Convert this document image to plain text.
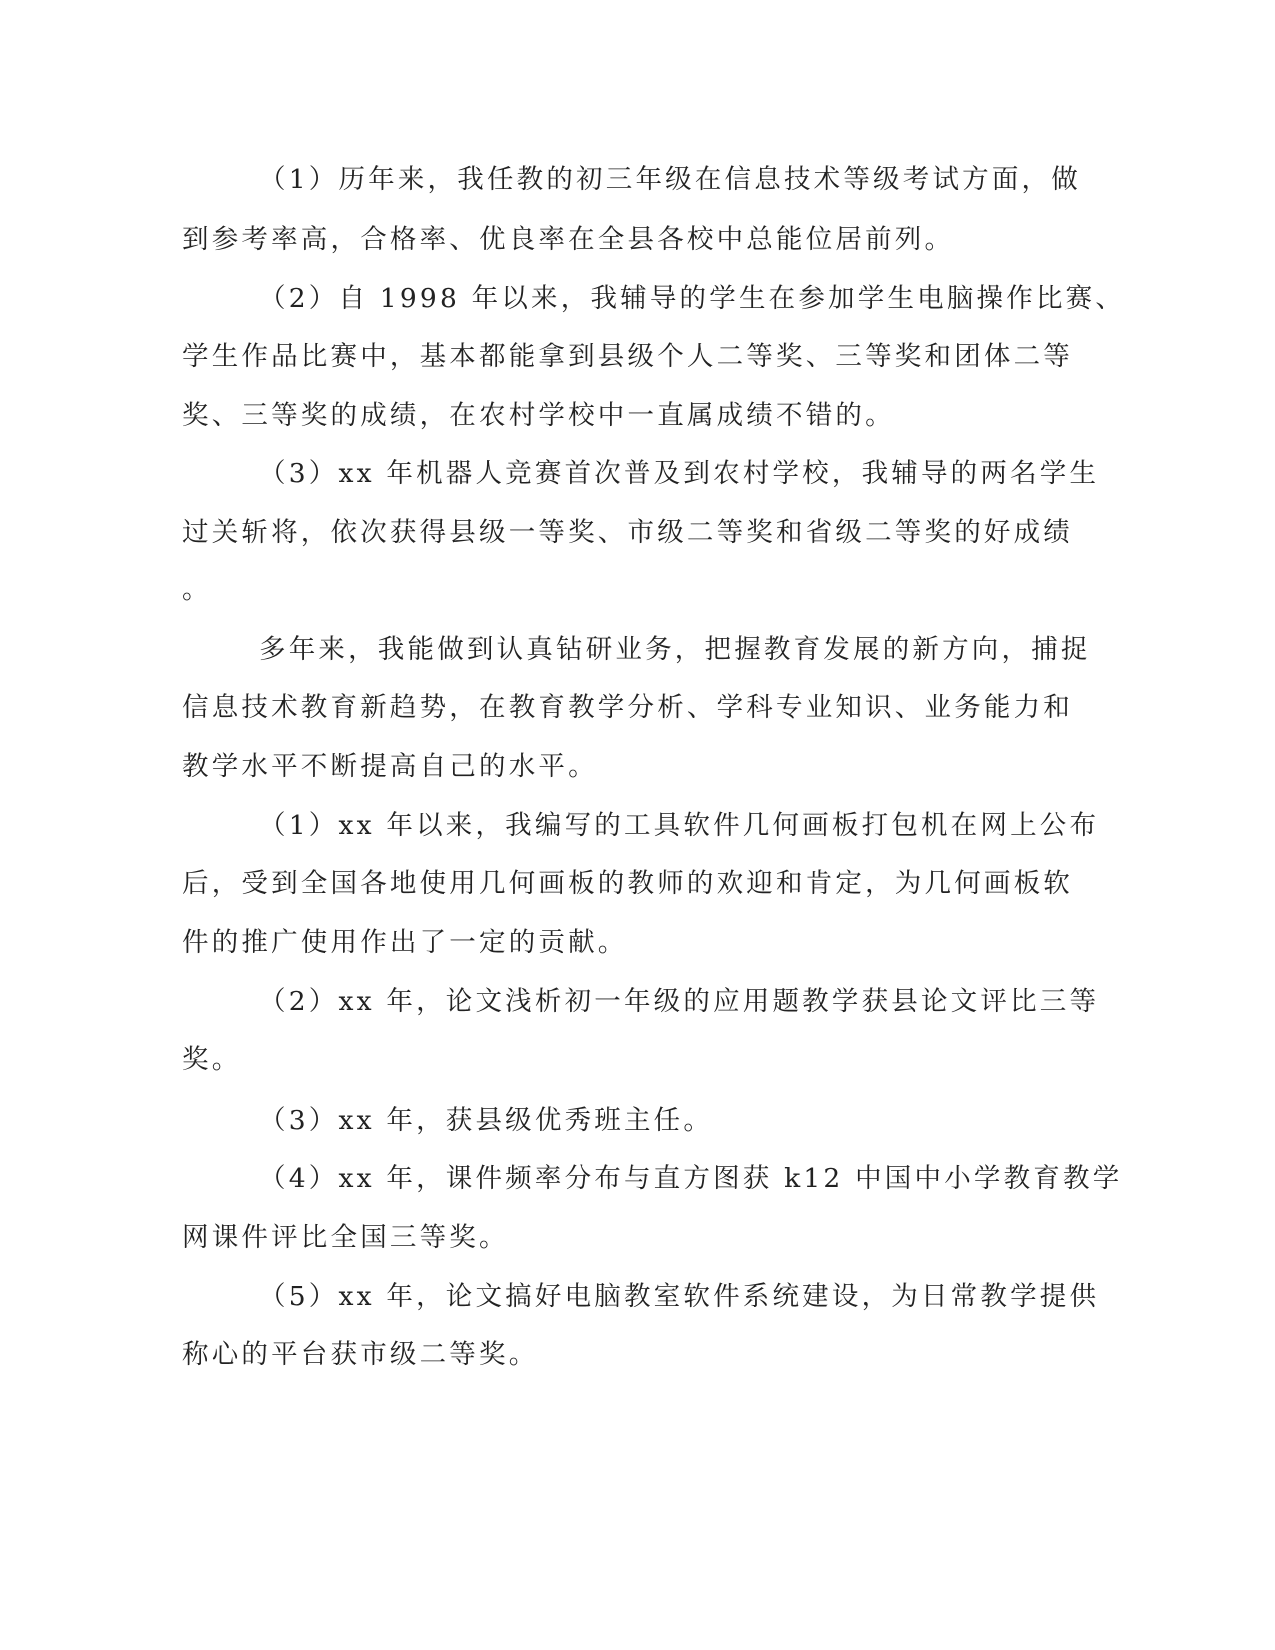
（1）历年来，我任教的初三年级在信息技术等级考试方面，做

到参考率高，合格率、优良率在全县各校中总能位居前列。

（2）自 1998 年以来，我辅导的学生在参加学生电脑操作比赛、

学生作品比赛中，基本都能拿到县级个人二等奖、三等奖和团体二等

奖、三等奖的成绩，在农村学校中一直属成绩不错的。

（3）xx 年机器人竞赛首次普及到农村学校，我辅导的两名学生

过关斩将，依次获得县级一等奖、市级二等奖和省级二等奖的好成绩

。

多年来，我能做到认真钻研业务，把握教育发展的新方向，捕捉

信息技术教育新趋势，在教育教学分析、学科专业知识、业务能力和

教学水平不断提高自己的水平。

（1）xx 年以来，我编写的工具软件几何画板打包机在网上公布

后，受到全国各地使用几何画板的教师的欢迎和肯定，为几何画板软

件的推广使用作出了一定的贡献。

（2）xx 年，论文浅析初一年级的应用题教学获县论文评比三等

奖。

（3）xx 年，获县级优秀班主任。

（4）xx 年，课件频率分布与直方图获 k12 中国中小学教育教学

网课件评比全国三等奖。

（5）xx 年，论文搞好电脑教室软件系统建设，为日常教学提供

称心的平台获市级二等奖。
